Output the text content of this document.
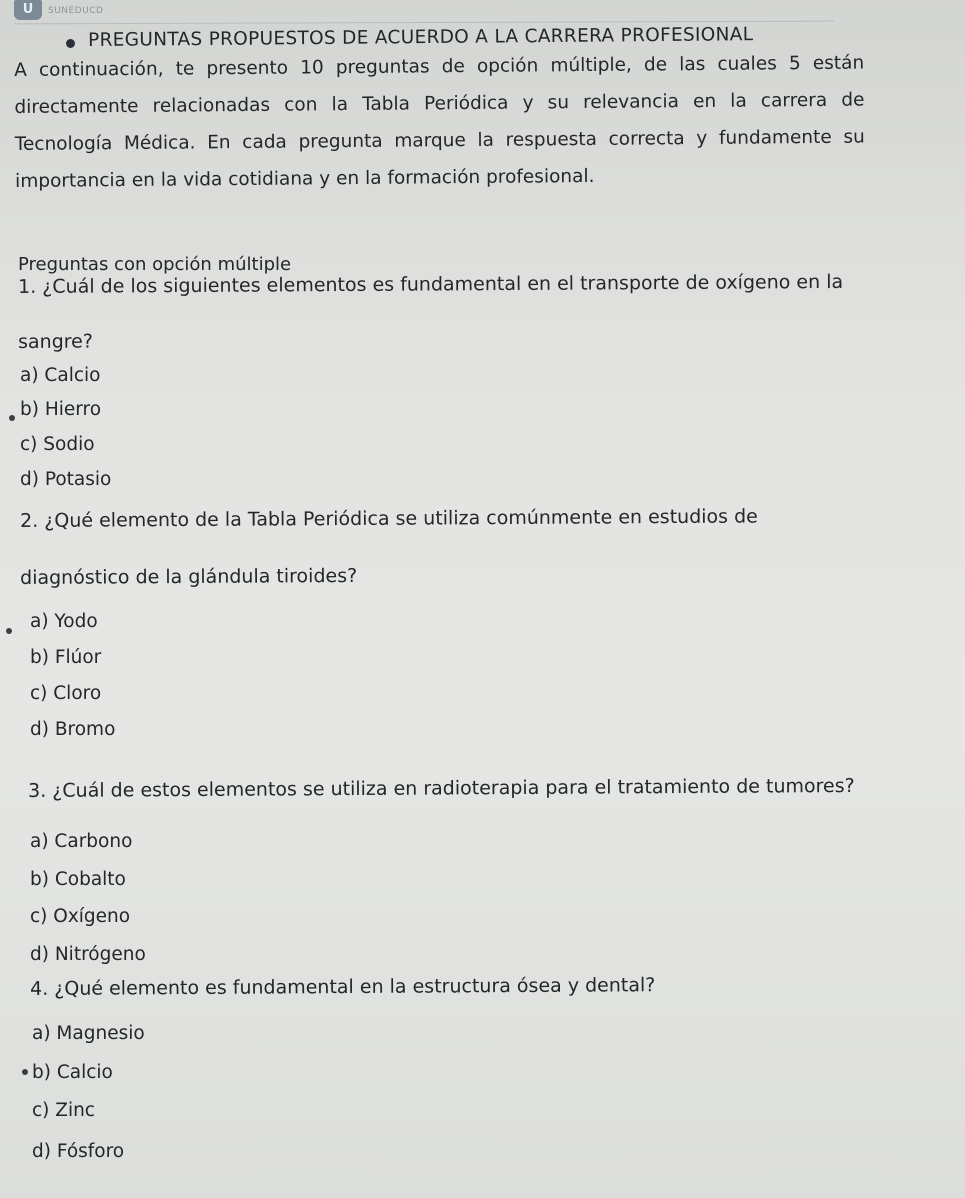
U	SUNEDUCD
PREGUNTAS PROPUESTOS DE ACUERDO A LA CARRERA PROFESIONAL
A continuación, te presento 10 preguntas de opción múltiple, de las cuales 5 están directamente relacionadas con la Tabla Periódica y su relevancia en la carrera de Tecnología Médica. En cada pregunta marque la respuesta correcta y fundamente su importancia en la vida cotidiana y en la formación profesional.
Preguntas con opción múltiple
1. ¿Cuál de los siguientes elementos es fundamental en el transporte de oxígeno en la
sangre?
a) Calcio
b) Hierro
c) Sodio
d) Potasio
2. ¿Qué elemento de la Tabla Periódica se utiliza comúnmente en estudios de
diagnóstico de la glándula tiroides?
a) Yodo
b) Flúor
c) Cloro
d) Bromo
3. ¿Cuál de estos elementos se utiliza en radioterapia para el tratamiento de tumores?
a) Carbono
b) Cobalto
c) Oxígeno
d) Nitrógeno
4. ¿Qué elemento es fundamental en la estructura ósea y dental?
a) Magnesio
b) Calcio
c) Zinc
d) Fósforo
